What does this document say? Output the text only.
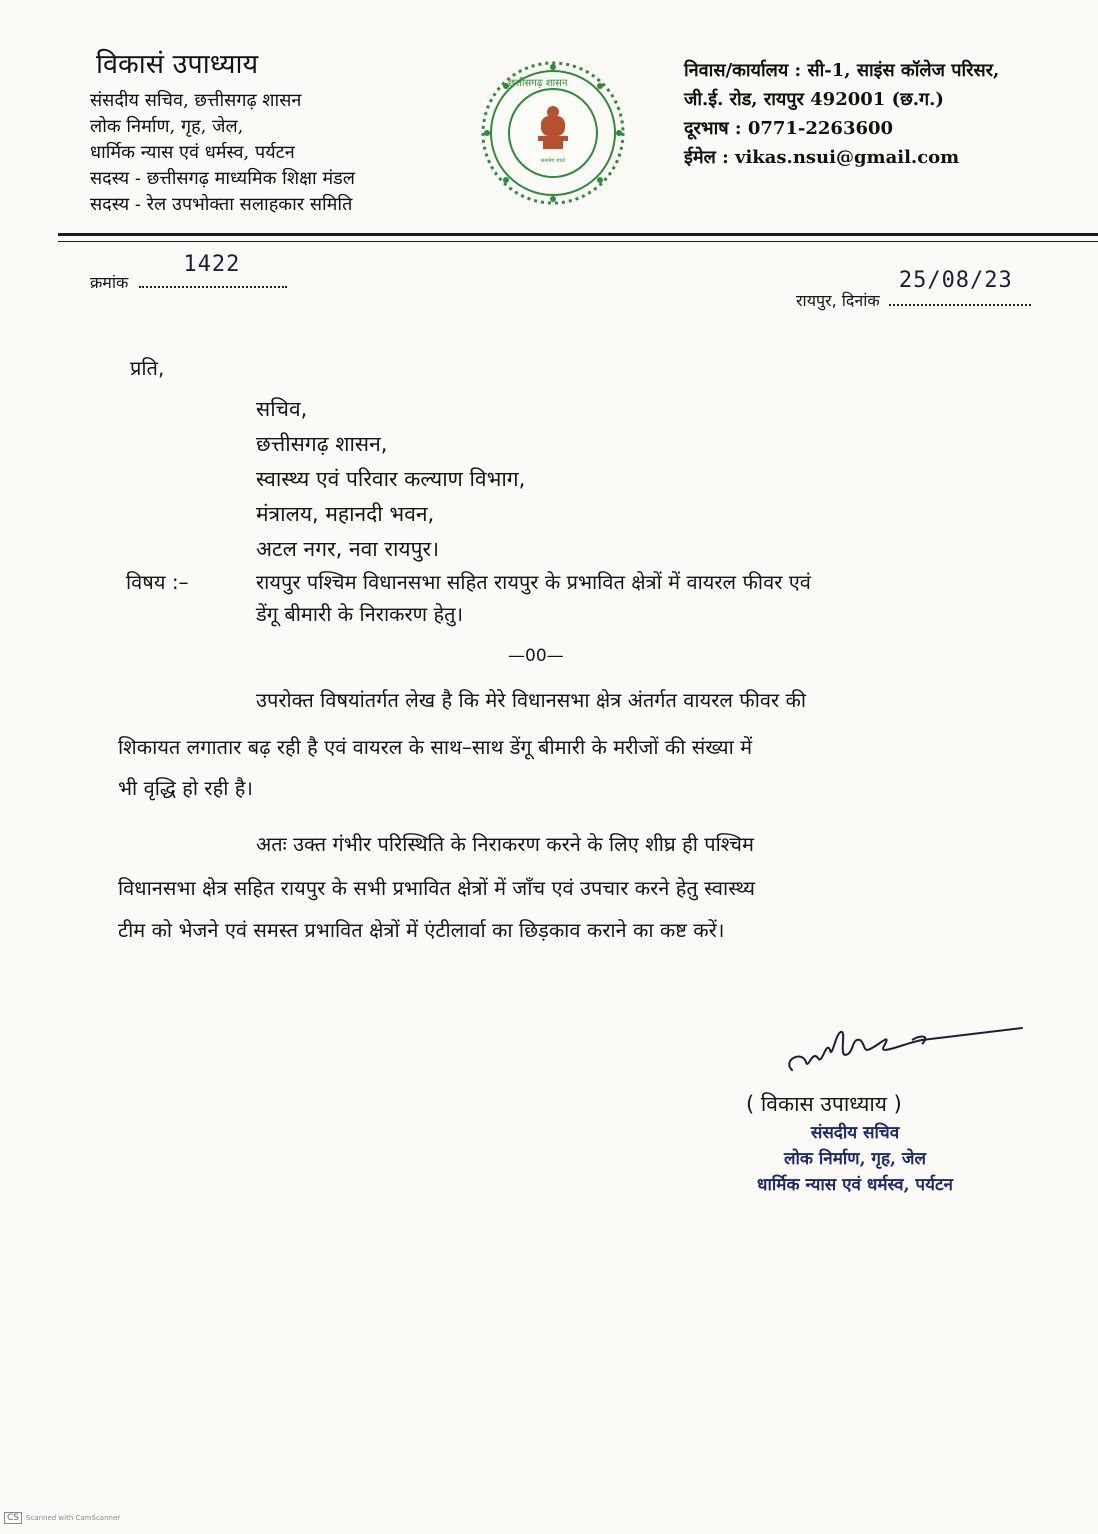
विकासं उपाध्याय
संसदीय सचिव, छत्तीसगढ़ शासन
लोक निर्माण, गृह, जेल,
धार्मिक न्यास एवं धर्मस्व, पर्यटन
सदस्य - छत्तीसगढ़ माध्यमिक शिक्षा मंडल
सदस्य - रेल उपभोक्ता सलाहकार समिति
सत्यमेव जयते
छत्तीसगढ़ शासन
निवास/कार्यालय : सी-1, साइंस कॉलेज परिसर,
जी.ई. रोड, रायपुर 492001 (छ.ग.)
दूरभाष : 0771-2263600
ईमेल : vikas.nsui@gmail.com
क्रमांक
1422
रायपुर, दिनांक
25/08/23
प्रति,
सचिव,
छत्तीसगढ़ शासन,
स्वास्थ्य एवं परिवार कल्याण विभाग,
मंत्रालय, महानदी भवन,
अटल नगर, नवा रायपुर।
विषय :–	रायपुर पश्चिम विधानसभा सहित रायपुर के प्रभावित क्षेत्रों में वायरल फीवर एवं
डेंगू बीमारी के निराकरण हेतु।
—00—
उपरोक्त विषयांतर्गत लेख है कि मेरे विधानसभा क्षेत्र अंतर्गत वायरल फीवर की
शिकायत लगातार बढ़ रही है एवं वायरल के साथ–साथ डेंगू बीमारी के मरीजों की संख्या में
भी वृद्धि हो रही है।
अतः उक्त गंभीर परिस्थिति के निराकरण करने के लिए शीघ्र ही पश्चिम
विधानसभा क्षेत्र सहित रायपुर के सभी प्रभावित क्षेत्रों में जाँच एवं उपचार करने हेतु स्वास्थ्य
टीम को भेजने एवं समस्त प्रभावित क्षेत्रों में एंटीलार्वा का छिड़काव कराने का कष्ट करें।
( विकास उपाध्याय )
संसदीय सचिव
लोक निर्माण, गृह, जेल
धार्मिक न्यास एवं धर्मस्व, पर्यटन
CS	Scanned with CamScanner
